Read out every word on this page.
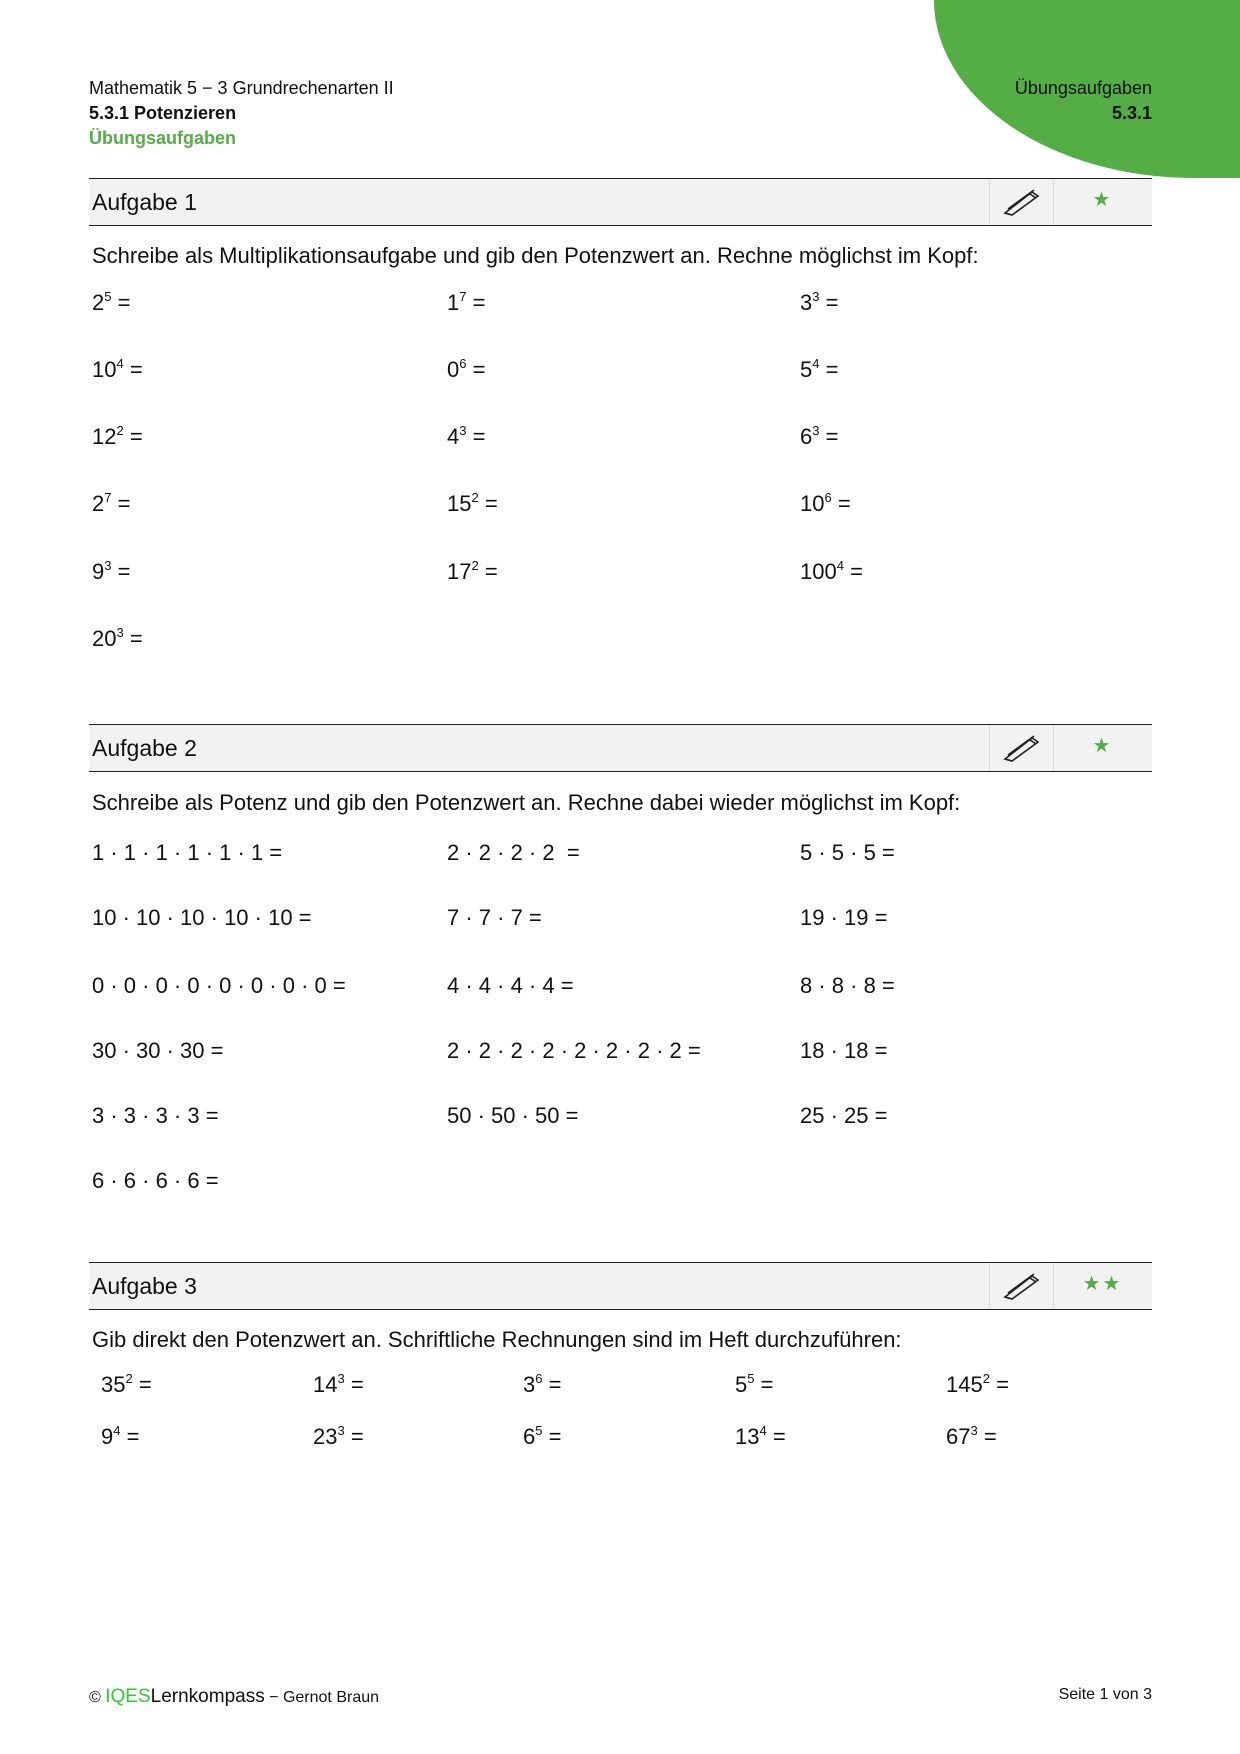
Mathematik 5 − 3 Grundrechenarten II
5.3.1 Potenzieren
Übungsaufgaben
Übungsaufgaben
5.3.1
Aufgabe 1	★
Schreibe als Multiplikationsaufgabe und gib den Potenzwert an. Rechne möglichst im Kopf:
Aufgabe 2	★
Schreibe als Potenz und gib den Potenzwert an. Rechne dabei wieder möglichst im Kopf:
Aufgabe 3	★★
Gib direkt den Potenzwert an. Schriftliche Rechnungen sind im Heft durchzuführen:
$2^5$ =	$1^7$ =	$3^3$ =
$10^4$ =	$0^6$ =	$5^4$ =
$12^2$ =	$4^3$ =	$6^3$ =
$2^7$ =	$15^2$ =	$10^6$ =
$9^3$ =	$17^2$ =	$100^4$ =
$20^3$ =
1 · 1 · 1 · 1 · 1 · 1 =	2 · 2 · 2 · 2  =	5 · 5 · 5 =
10 · 10 · 10 · 10 · 10 =	7 · 7 · 7 =	19 · 19 =
0 · 0 · 0 · 0 · 0 · 0 · 0 · 0 =	4 · 4 · 4 · 4 =	8 · 8 · 8 =
30 · 30 · 30 =	2 · 2 · 2 · 2 · 2 · 2 · 2 · 2 =	18 · 18 =
3 · 3 · 3 · 3 =	50 · 50 · 50 =	25 · 25 =
6 · 6 · 6 · 6 =
$35^2$ =	$14^3$ =	$3^6$ =	$5^5$ =	$145^2$ =
$9^4$ =	$23^3$ =	$6^5$ =	$13^4$ =	$67^3$ =
© IQESLernkompass − Gernot Braun	Seite 1 von 3
